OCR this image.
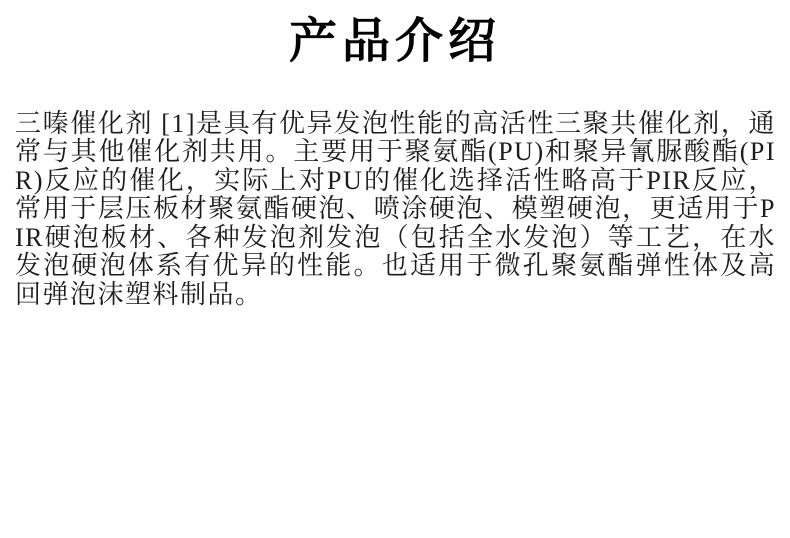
产品介绍

三嗪催化剂 [1]是具有优异发泡性能的高活性三聚共催化剂，通常与其他催化剂共用。主要用于聚氨酯(PU)和聚异氰脲酸酯(PIR)反应的催化，实际上对PU的催化选择活性略高于PIR反应，常用于层压板材聚氨酯硬泡、喷涂硬泡、模塑硬泡，更适用于PIR硬泡板材、各种发泡剂发泡（包括全水发泡）等工艺，在水发泡硬泡体系有优异的性能。也适用于微孔聚氨酯弹性体及高回弹泡沫塑料制品。
